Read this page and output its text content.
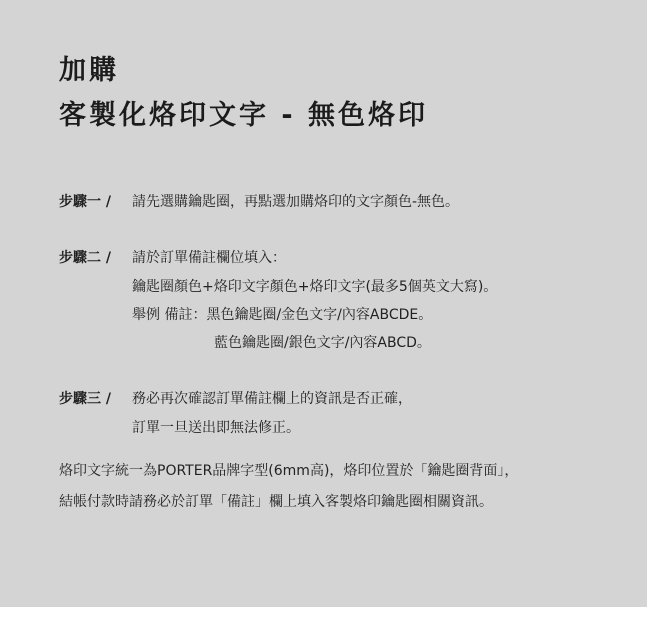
加購
客製化烙印文字 - 無色烙印
步驟一 / 請先選購鑰匙圈，再點選加購烙印的文字顏色-無色。
步驟二 / 請於訂單備註欄位填入：
鑰匙圈顏色+烙印文字顏色+烙印文字(最多5個英文大寫)。
舉例 備註：黑色鑰匙圈/金色文字/內容ABCDE。
藍色鑰匙圈/銀色文字/內容ABCD。
步驟三 / 務必再次確認訂單備註欄上的資訊是否正確，
訂單一旦送出即無法修正。
烙印文字統一為PORTER品牌字型(6mm高)，烙印位置於「鑰匙圈背面」，
結帳付款時請務必於訂單「備註」欄上填入客製烙印鑰匙圈相關資訊。
